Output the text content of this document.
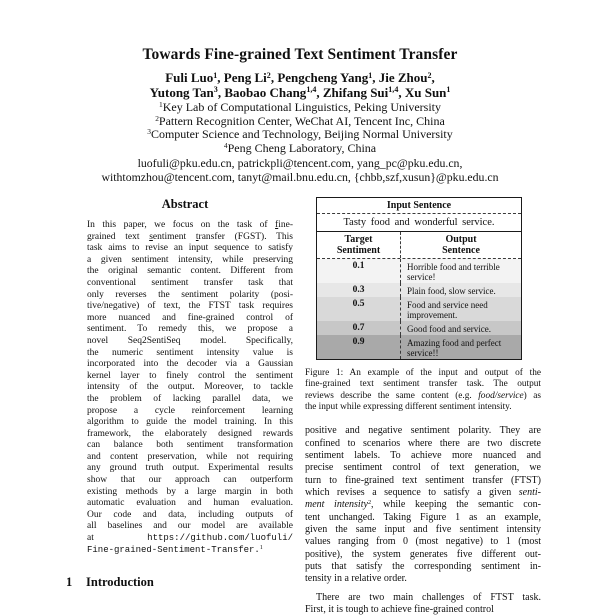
Towards Fine-grained Text Sentiment Transfer
Fuli Luo$^1$, Peng Li$^2$, Pengcheng Yang$^1$, Jie Zhou$^2$,
Yutong Tan$^3$, Baobao Chang$^{1,4}$, Zhifang Sui$^{1,4}$, Xu Sun$^1$
$^1$Key Lab of Computational Linguistics, Peking University
$^2$Pattern Recognition Center, WeChat AI, Tencent Inc, China
$^3$Computer Science and Technology, Beijing Normal University
$^4$Peng Cheng Laboratory, China
luofuli@pku.edu.cn, patrickpli@tencent.com, yang_pc@pku.edu.cn,
withtomzhou@tencent.com, tanyt@mail.bnu.edu.cn, {chbb,szf,xusun}@pku.edu.cn
Abstract
In this paper, we focus on the task of fine-
grained text sentiment transfer (FGST). This
task aims to revise an input sequence to satisfy
a given sentiment intensity, while preserving
the original semantic content. Different from
conventional sentiment transfer task that
only reverses the sentiment polarity (posi-
tive/negative) of text, the FTST task requires
more nuanced and fine-grained control of
sentiment. To remedy this, we propose a
novel Seq2SentiSeq model. Specifically,
the numeric sentiment intensity value is
incorporated into the decoder via a Gaussian
kernel layer to finely control the sentiment
intensity of the output. Moreover, to tackle
the problem of lacking parallel data, we
propose a cycle reinforcement learning
algorithm to guide the model training. In this
framework, the elaborately designed rewards
can balance both sentiment transformation
and content preservation, while not requiring
any ground truth output. Experimental results
show that our approach can outperform
existing methods by a large margin in both
automatic evaluation and human evaluation.
Our code and data, including outputs of
all baselines and our model are available
at https://github.com/luofuli/
Fine-grained-Sentiment-Transfer.$^1$
1 Introduction
Input Sentence
Tasty food and wonderful service.
Target
Sentiment
Output
Sentence
0.1	Horrible food and terrible service!
0.3	Plain food, slow service.
0.5	Food and service need improvement.
0.7	Good food and service.
0.9	Amazing food and perfect service!!
Figure 1: An example of the input and output of the
fine-grained text sentiment transfer task. The output
reviews describe the same content (e.g. food/service) as
the input while expressing different sentiment intensity.
positive and negative sentiment polarity. They are
confined to scenarios where there are two discrete
sentiment labels. To achieve more nuanced and
precise sentiment control of text generation, we
turn to fine-grained text sentiment transfer (FTST)
which revises a sequence to satisfy a given senti-
ment intensity$^2$, while keeping the semantic con-
tent unchanged. Taking Figure 1 as an example,
given the same input and five sentiment intensity
values ranging from 0 (most negative) to 1 (most
positive), the system generates five different out-
puts that satisfy the corresponding sentiment in-
tensity in a relative order.
There are two main challenges of FTST task.
First, it is tough to achieve fine-grained control
